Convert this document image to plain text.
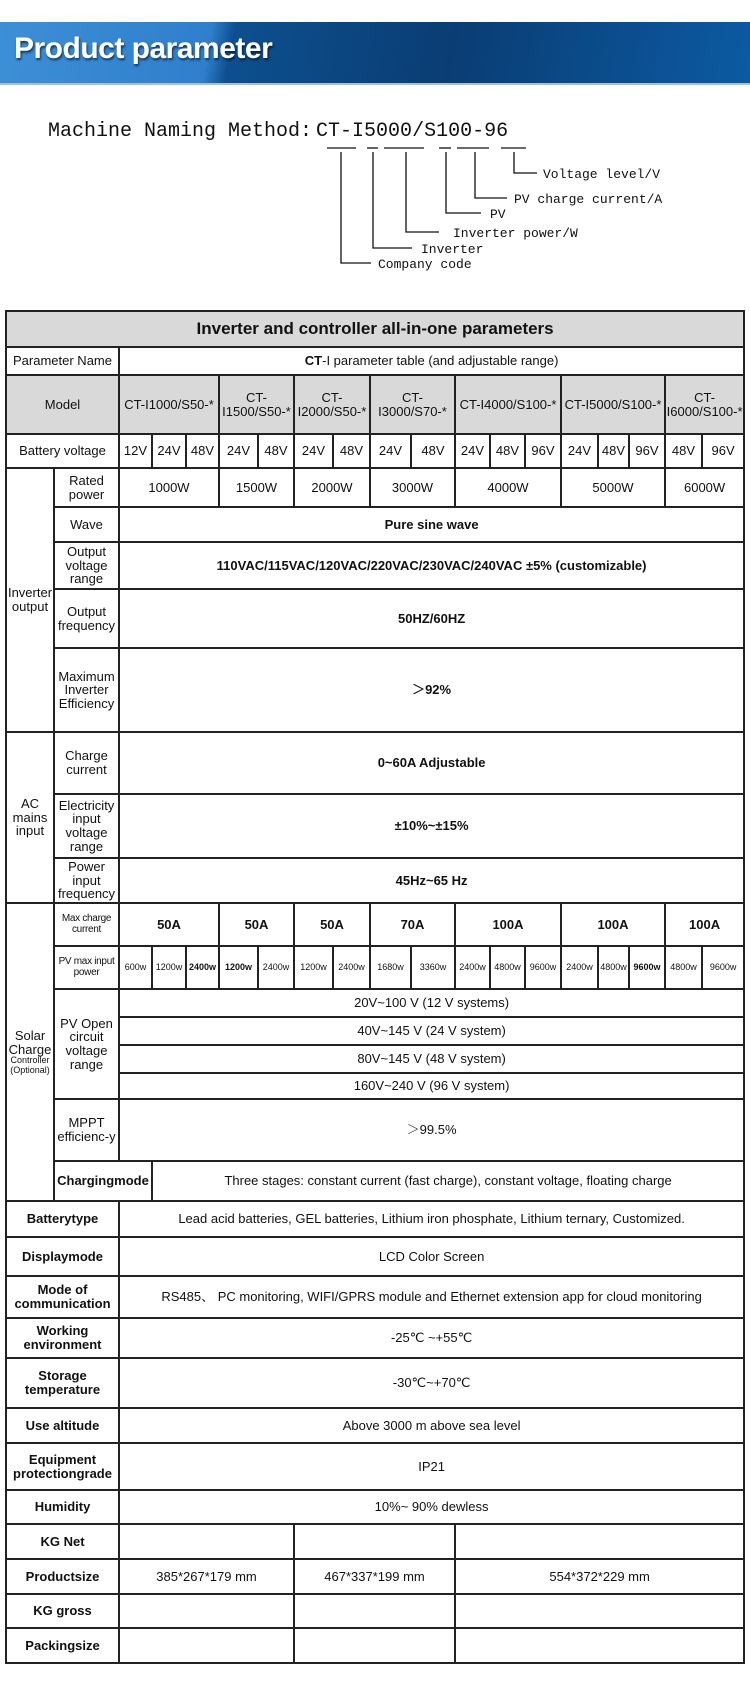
Product parameter
Machine Naming Method: CT-I5000/S100-96
Voltage level/V
PV charge current/A
PV
Inverter power/W
Inverter
Company code
Inverter and controller all-in-one parameters																		
Parameter Name		CT-I parameter table (and adjustable range)																
Model		CT-I1000/S50-*			CT-I1500/S50-*		CT-I2000/S50-*		CT-I3000/S70-*		CT-I4000/S100-*			CT-I5000/S100-*			CT-I6000/S100-*	
Battery voltage		12V	24V	48V	24V	48V	24V	48V	24V	48V	24V	48V	96V	24V	48V	96V	48V	96V
Inverter output	Rated power	1000W			1500W		2000W		3000W		4000W			5000W			6000W	
	Wave	Pure sine wave																
	Output voltage range	110VAC/115VAC/120VAC/220VAC/230VAC/240VAC ±5% (customizable)																
	Output frequency	50HZ/60HZ																
	Maximum Inverter Efficiency	＞92%																
AC mains input	Charge current	0~60A Adjustable																
	Electricity input voltage range	±10%~±15%																
	Power input frequency	45Hz~65 Hz																

Solar Charge
Controller
(Optional)	Max charge current	50A			50A		50A		70A		100A			100A			100A	
	PV max input power	600w	1200w	2400w	1200w	2400w	1200w	2400w	1680w	3360w	2400w	4800w	9600w	2400w	4800w	9600w	4800w	9600w
	PV Open circuit voltage range	20V~100 V (12 V systems)																
		40V~145 V (24 V system)																
		80V~145 V (48 V system)																
		160V~240 V (96 V system)																
	MPPT efficienc-y	＞99.5%																
	Chargingmode		Three stages: constant current (fast charge), constant voltage, floating charge															
Batterytype		Lead acid batteries, GEL batteries, Lithium iron phosphate, Lithium ternary, Customized.																
Displaymode		LCD Color Screen																
Mode of communication		RS485、 PC monitoring, WIFI/GPRS module and Ethernet extension app for cloud monitoring																
Working environment		-25℃ ~+55℃																
Storage temperature		-30℃~+70℃																
Use altitude		Above 3000 m above sea level																
Equipment protectiongrade		IP21																
Humidity		10%~ 90% dewless																
KG Net																		
Productsize		385*267*179 mm					467*337*199 mm				554*372*229 mm							
KG gross																		
Packingsize																		
